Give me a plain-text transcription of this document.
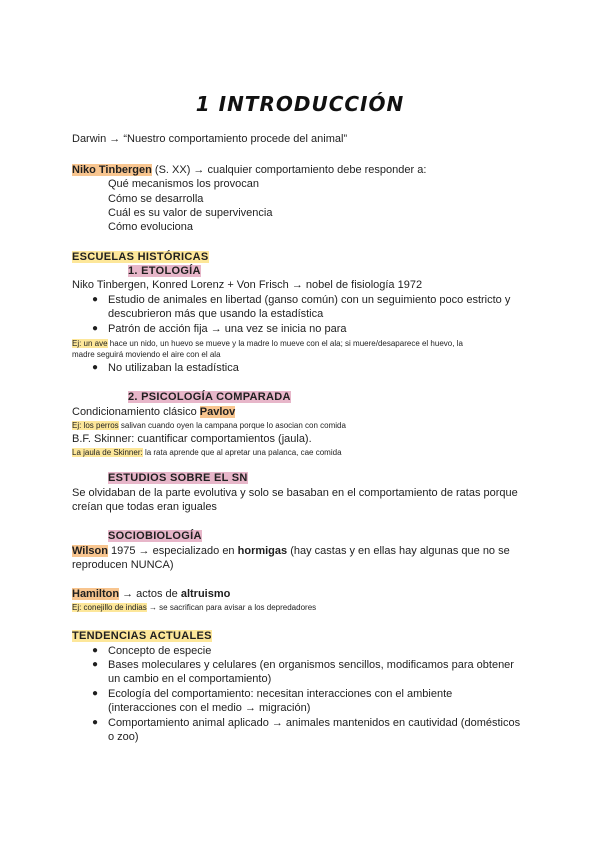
1 INTRODUCCIÓN
Darwin → “Nuestro comportamiento procede del animal”
Niko Tinbergen (S. XX) → cualquier comportamiento debe responder a:
Qué mecanismos los provocan
Cómo se desarrolla
Cuál es su valor de supervivencia
Cómo evoluciona
ESCUELAS HISTÓRICAS
1. ETOLOGÍA
Niko Tinbergen, Konred Lorenz + Von Frisch → nobel de fisiología 1972
● Estudio de animales en libertad (ganso común) con un seguimiento poco estricto y
descubrieron más que usando la estadística
● Patrón de acción fija → una vez se inicia no para
Ej: un ave hace un nido, un huevo se mueve y la madre lo mueve con el ala; si muere/desaparece el huevo, la
madre seguirá moviendo el aire con el ala
● No utilizaban la estadística
2. PSICOLOGÍA COMPARADA
Condicionamiento clásico Pavlov
Ej: los perros salivan cuando oyen la campana porque lo asocian con comida
B.F. Skinner: cuantificar comportamientos (jaula).
La jaula de Skinner: la rata aprende que al apretar una palanca, cae comida
ESTUDIOS SOBRE EL SN
Se olvidaban de la parte evolutiva y solo se basaban en el comportamiento de ratas porque
creían que todas eran iguales
SOCIOBIOLOGÍA
Wilson 1975 → especializado en hormigas (hay castas y en ellas hay algunas que no se
reproducen NUNCA)
Hamilton → actos de altruismo
Ej: conejillo de indias → se sacrifican para avisar a los depredadores
TENDENCIAS ACTUALES
● Concepto de especie
● Bases moleculares y celulares (en organismos sencillos, modificamos para obtener
un cambio en el comportamiento)
● Ecología del comportamiento: necesitan interacciones con el ambiente
(interacciones con el medio → migración)
● Comportamiento animal aplicado → animales mantenidos en cautividad (domésticos
o zoo)
